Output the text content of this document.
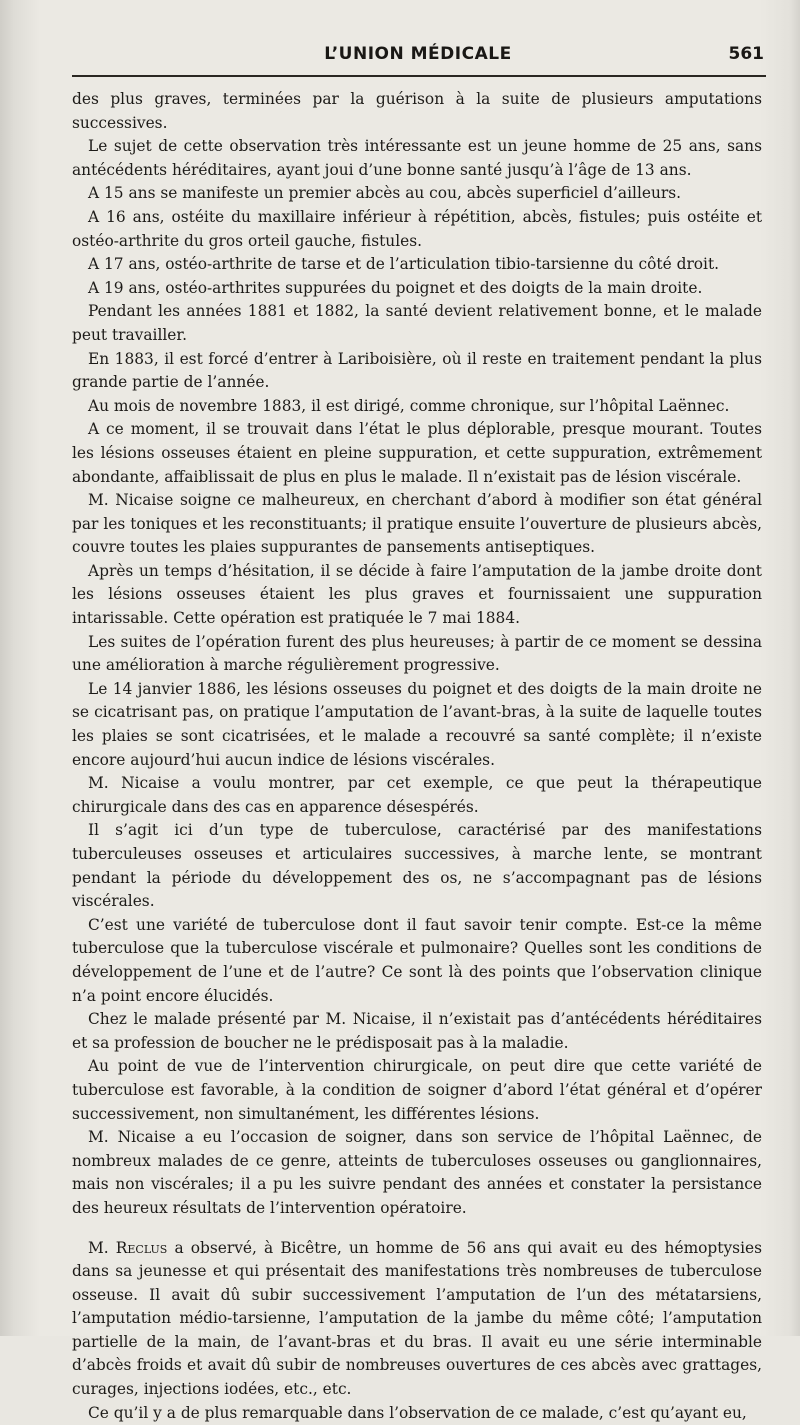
L’UNION MÉDICALE	561

des plus graves, terminées par la guérison à la suite de plusieurs amputations successives.

Le sujet de cette observation très intéressante est un jeune homme de 25 ans, sans antécédents héréditaires, ayant joui d’une bonne santé jusqu’à l’âge de 13 ans.

A 15 ans se manifeste un premier abcès au cou, abcès superficiel d’ailleurs.

A 16 ans, ostéite du maxillaire inférieur à répétition, abcès, fistules; puis ostéite et ostéo-arthrite du gros orteil gauche, fistules.

A 17 ans, ostéo-arthrite de tarse et de l’articulation tibio-tarsienne du côté droit.

A 19 ans, ostéo-arthrites suppurées du poignet et des doigts de la main droite.

Pendant les années 1881 et 1882, la santé devient relativement bonne, et le malade peut travailler.

En 1883, il est forcé d’entrer à Lariboisière, où il reste en traitement pendant la plus grande partie de l’année.

Au mois de novembre 1883, il est dirigé, comme chronique, sur l’hôpital Laënnec.

A ce moment, il se trouvait dans l’état le plus déplorable, presque mourant. Toutes les lésions osseuses étaient en pleine suppuration, et cette suppuration, extrêmement abondante, affaiblissait de plus en plus le malade. Il n’existait pas de lésion viscérale.

M. Nicaise soigne ce malheureux, en cherchant d’abord à modifier son état général par les toniques et les reconstituants; il pratique ensuite l’ouverture de plusieurs abcès, couvre toutes les plaies suppurantes de pansements antiseptiques.

Après un temps d’hésitation, il se décide à faire l’amputation de la jambe droite dont les lésions osseuses étaient les plus graves et fournissaient une suppuration intarissable. Cette opération est pratiquée le 7 mai 1884.

Les suites de l’opération furent des plus heureuses; à partir de ce moment se dessina une amélioration à marche régulièrement progressive.

Le 14 janvier 1886, les lésions osseuses du poignet et des doigts de la main droite ne se cicatrisant pas, on pratique l’amputation de l’avant-bras, à la suite de laquelle toutes les plaies se sont cicatrisées, et le malade a recouvré sa santé complète; il n’existe encore aujourd’hui aucun indice de lésions viscérales.

M. Nicaise a voulu montrer, par cet exemple, ce que peut la thérapeutique chirurgicale dans des cas en apparence désespérés.

Il s’agit ici d’un type de tuberculose, caractérisé par des manifestations tuberculeuses osseuses et articulaires successives, à marche lente, se montrant pendant la période du développement des os, ne s’accompagnant pas de lésions viscérales.

C’est une variété de tuberculose dont il faut savoir tenir compte. Est-ce la même tuberculose que la tuberculose viscérale et pulmonaire? Quelles sont les conditions de développement de l’une et de l’autre? Ce sont là des points que l’observation clinique n’a point encore élucidés.

Chez le malade présenté par M. Nicaise, il n’existait pas d’antécédents héréditaires et sa profession de boucher ne le prédisposait pas à la maladie.

Au point de vue de l’intervention chirurgicale, on peut dire que cette variété de tuberculose est favorable, à la condition de soigner d’abord l’état général et d’opérer successivement, non simultanément, les différentes lésions.

M. Nicaise a eu l’occasion de soigner, dans son service de l’hôpital Laënnec, de nombreux malades de ce genre, atteints de tuberculoses osseuses ou ganglionnaires, mais non viscérales; il a pu les suivre pendant des années et constater la persistance des heureux résultats de l’intervention opératoire.

M. Reclus a observé, à Bicêtre, un homme de 56 ans qui avait eu des hémoptysies dans sa jeunesse et qui présentait des manifestations très nombreuses de tuberculose osseuse. Il avait dû subir successivement l’amputation de l’un des métatarsiens, l’amputation médio-tarsienne, l’amputation de la jambe du même côté; l’amputation partielle de la main, de l’avant-bras et du bras. Il avait eu une série interminable d’abcès froids et avait dû subir de nombreuses ouvertures de ces abcès avec grattages, curages, injections iodées, etc., etc.

Ce qu’il y a de plus remarquable dans l’observation de ce malade, c’est qu’ayant eu,
